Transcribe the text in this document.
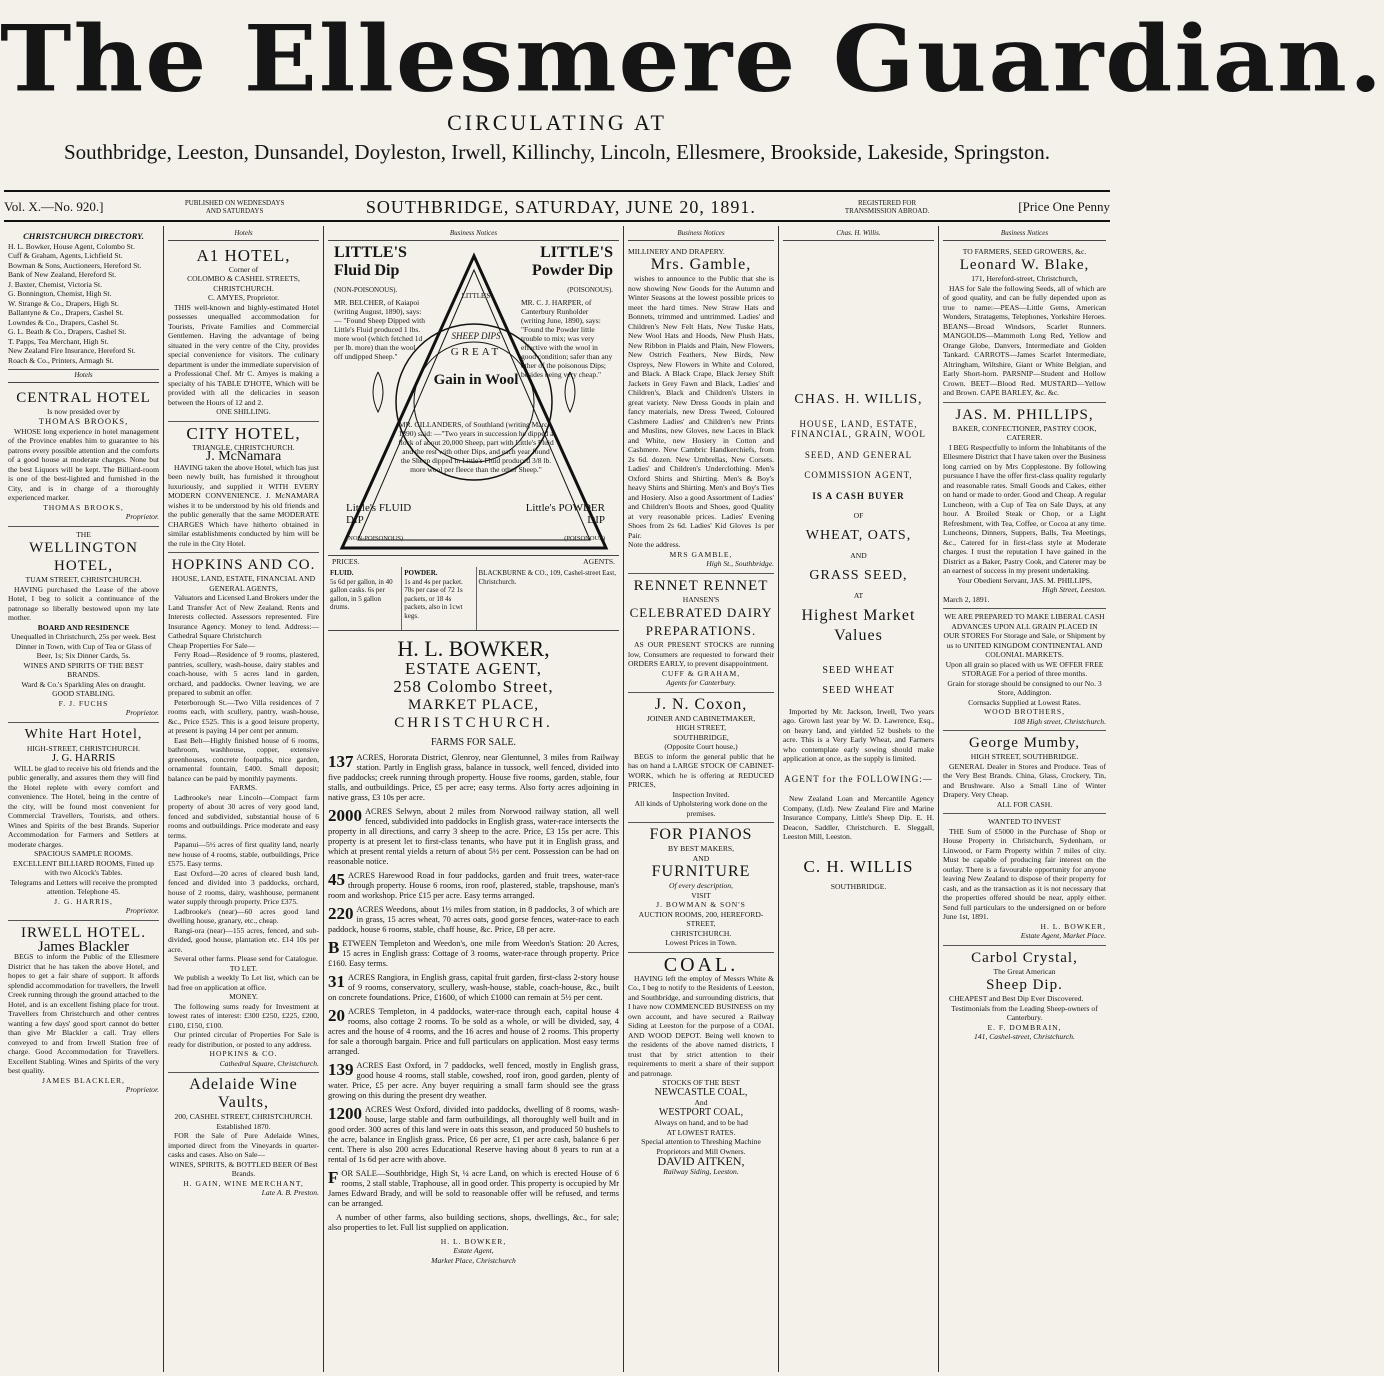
The Ellesmere Guardian.
CIRCULATING AT
Southbridge, Leeston, Dunsandel, Doyleston, Irwell, Killinchy, Lincoln, Ellesmere, Brookside, Lakeside, Springston.
Vol. X.—No. 920.]	PUBLISHED ON WEDNESDAYS AND SATURDAYS	SOUTHBRIDGE, SATURDAY, JUNE 20, 1891.	REGISTERED FOR TRANSMISSION ABROAD.	[Price One Penny
CHRISTCHURCH DIRECTORY.
H. L. Bowker, House Agent, Colombo St.
Cuff & Graham, Agents, Lichfield St.
Bowman & Sons, Auctioneers, Hereford St.
Bank of New Zealand, Hereford St.
J. Baxter, Chemist, Victoria St.
G. Bonnington, Chemist, High St.
W. Strange & Co., Drapers, High St.
Ballantyne & Co., Drapers, Cashel St.
Lowndes & Co., Drapers, Cashel St.
G. L. Beath & Co., Drapers, Cashel St.
T. Papps, Tea Merchant, High St.
New Zealand Fire Insurance, Hereford St.
Roach & Co., Printers, Armagh St.
Hotels
CENTRAL HOTEL
Is now presided over by
THOMAS BROOKS,

WHOSE long experience in hotel management of the Province enables him to guarantee to his patrons every possible attention and the comforts of a good house at moderate charges. None but the best Liquors will be kept. The Billiard-room is one of the best-lighted and furnished in the City, and is in charge of a thoroughly experienced marker.

THOMAS BROOKS,
Proprietor.
THE
WELLINGTON HOTEL,
TUAM STREET, CHRISTCHURCH.

HAVING purchased the Lease of the above Hotel, I beg to solicit a continuance of the patronage so liberally bestowed upon my late mother.

BOARD AND RESIDENCE
Unequalled in Christchurch, 25s per week. Best Dinner in Town, with Cup of Tea or Glass of Beer, 1s; Six Dinner Cards, 5s.
WINES AND SPIRITS OF THE BEST BRANDS.
Ward & Co.'s Sparkling Ales on draught.
GOOD STABLING.
F. J. FUCHS
Proprietor.
White Hart Hotel,
HIGH-STREET, CHRISTCHURCH.
J. G. HARRIS

WILL be glad to receive his old friends and the public generally, and assures them they will find the Hotel replete with every comfort and convenience. The Hotel, being in the centre of the city, will be found most convenient for Commercial Travellers, Tourists, and others. Wines and Spirits of the best Brands. Superior Accommodation for Farmers and Settlers at moderate charges.

SPACIOUS SAMPLE ROOMS.
EXCELLENT BILLIARD ROOMS, Fitted up with two Alcock's Tables.
Telegrams and Letters will receive the prompted attention. Telephone 45.
J. G. HARRIS,
Proprietor.
IRWELL HOTEL.
James Blackler

BEGS to inform the Public of the Ellesmere District that he has taken the above Hotel, and hopes to get a fair share of support. It affords splendid accommodation for travellers, the Irwell Creek running through the ground attached to the Hotel, and is an excellent fishing place for trout. Travellers from Christchurch and other centres wanting a few days' good sport cannot do better than give Mr Blackler a call. Tray ellers conveyed to and from Irwell Station free of charge. Good Accommodation for Travellers. Excellent Stabling. Wines and Spirits of the very best quality.

JAMES BLACKLER,
Proprietor.
Hotels
A1 HOTEL,
Corner of
COLOMBO & CASHEL STREETS, CHRISTCHURCH.
C. AMYES, Proprietor.

THIS well-known and highly-estimated Hotel possesses unequalled accommodation for Tourists, Private Families and Commercial Gentlemen. Having the advantage of being situated in the very centre of the City, provides special convenience for visitors. The culinary department is under the immediate supervision of a Professional Chef. Mr C. Amyes is making a specialty of his TABLE D'HOTE, Which will be provided with all the delicacies in season between the Hours of 12 and 2.

ONE SHILLING.
CITY HOTEL,
TRIANGLE, CHRISTCHURCH.
J. McNamara

HAVING taken the above Hotel, which has just been newly built, has furnished it throughout luxuriously, and supplied it WITH EVERY MODERN CONVENIENCE. J. McNAMARA wishes it to be understood by his old friends and the public generally that the same MODERATE CHARGES Which have hitherto obtained in similar establishments conducted by him will be the rule in the City Hotel.

HOPKINS AND CO.
HOUSE, LAND, ESTATE, FINANCIAL AND GENERAL AGENTS,

Valuators and Licensed Land Brokers under the Land Transfer Act of New Zealand. Rents and Interests collected. Assessors represented. Fire Insurance Agency. Money to lend. Address:—Cathedral Square Christchurch

Cheap Properties For Sale—

Ferry Road—Residence of 9 rooms, plastered, pantries, scullery, wash-house, dairy stables and coach-house, with 5 acres land in garden, orchard, and paddocks. Owner leaving, we are prepared to submit an offer.

Peterborough St.—Two Villa residences of 7 rooms each, with scullery, pantry, wash-house, &c., Price £525. This is a good leisure property, at present is paying 14 per cent per annum.

East Belt—Highly finished house of 6 rooms, bathroom, washhouse, copper, extensive greenhouses, concrete footpaths, nice garden, ornamental fountain, £400. Small deposit; balance can be paid by monthly payments.

FARMS.

Ladbrooke's near Lincoln—Compact farm property of about 30 acres of very good land, fenced and subdivided, substantial house of 6 rooms and outbuildings. Price moderate and easy terms.

Papanui—5½ acres of first quality land, nearly new house of 4 rooms, stable, outbuildings, Price £575. Easy terms.

East Oxford—20 acres of cleared bush land, fenced and divided into 3 paddocks, orchard, house of 2 rooms, dairy, washhouse, permanent water supply through property. Price £375.

Ladbrooke's (near)—60 acres good land dwelling house, granary, etc., cheap.

Rangi-ora (near)—155 acres, fenced, and sub-divided, good house, plantation etc. £14 10s per acre.

Several other farms. Please send for Catalogue.

TO LET.

We publish a weekly To Let list, which can be had free on application at office.

MONEY.

The following sums ready for Investment at lowest rates of interest: £300 £250, £225, £200, £180, £150, £100.

Our printed circular of Properties For Sale is ready for distribution, or posted to any address.

HOPKINS & CO.
Cathedral Square, Christchurch.
Adelaide Wine Vaults,
200, CASHEL STREET, CHRISTCHURCH.
Established 1870.

FOR the Sale of Pure Adelaide Wines, imported direct from the Vineyards in quarter-casks and cases. Also on Sale—

WINES, SPIRITS, & BOTTLED BEER Of Best Brands.
H. GAIN, WINE MERCHANT,
Late A. B. Preston.
Business Notices
LITTLE'S
Fluid Dip
(NON-POISONOUS).
MR. BELCHER, of Kaiapoi (writing August, 1890), says: — "Found Sheep Dipped with Little's Fluid produced 1 lbs. more wool (which fetched 1d per lb. more) than the wool off undipped Sheep."
LITTLE'S
Powder Dip
(POISONOUS).
MR. C. J. HARPER, of Canterbury Runholder (writing June, 1890), says: "Found the Powder little trouble to mix; was very effective with the wool in good condition; safer than any other of the poisonous Dips; besides being very cheap."
LITTLE'S
SHEEP DIPS
GREAT
Gain in Wool
MR. GILLANDERS, of Southland (writing March, 1890) said: —"Two years in succession he dipped a flock of about 20,000 Sheep, part with Little's Fluid and the rest with other Dips, and each year found the Sheep dipped in Little's Fluid produced 3/8 lb. more wool per fleece than the other Sheep."
Little's FLUID DIP
(NON-POISONOUS)
Little's POWDER DIP
(POISONOUS)
PRICES.	AGENTS.
FLUID.
5s 6d per gallon, in 40 gallon casks. 6s per gallon, in 5 gallon drums.
POWDER.
1s and 4s per packet. 70s per case of 72 1s packets, or 18 4s packets, also in 1cwt kegs.
BLACKBURNE & CO., 109, Cashel-street East, Christchurch.
H. L. BOWKER,
ESTATE AGENT,
258 Colombo Street,
MARKET PLACE,
CHRISTCHURCH.
FARMS FOR SALE.

137 ACRES, Hororata District, Glenroy, near Glentunnel, 3 miles from Railway station. Partly in English grass, balance in tussock, well fenced, divided into five paddocks; creek running through property. House five rooms, garden, stable, four stalls, and outbuildings. Price, £5 per acre; easy terms. Also forty acres adjoining in native grass, £3 10s per acre.

2000 ACRES Selwyn, about 2 miles from Norwood railway station, all well fenced, subdivided into paddocks in English grass, water-race intersects the property in all directions, and carry 3 sheep to the acre. Price, £3 15s per acre. This property is at present let to first-class tenants, who have put it in English grass, and which at present rental yields a return of about 5½ per cent. Possession can be had on reasonable notice.

45 ACRES Harewood Road in four paddocks, garden and fruit trees, water-race through property. House 6 rooms, iron roof, plastered, stable, trapshouse, man's room and workshop. Price £15 per acre. Easy terms arranged.

220 ACRES Weedons, about 1½ miles from station, in 8 paddocks, 3 of which are in grass, 15 acres wheat, 70 acres oats, good gorse fences, water-race to each paddock, house 6 rooms, stable, chaff house, &c. Price, £8 per acre.

BETWEEN Templeton and Weedon's, one mile from Weedon's Station: 20 Acres, 15 acres in English grass: Cottage of 3 rooms, water-race through property. Price £160. Easy terms.

31 ACRES Rangiora, in English grass, capital fruit garden, first-class 2-story house of 9 rooms, conservatory, scullery, wash-house, stable, coach-house, &c., built on concrete foundations. Price, £1600, of which £1000 can remain at 5½ per cent.

20 ACRES Templeton, in 4 paddocks, water-race through each, capital house 4 rooms, also cottage 2 rooms. To be sold as a whole, or will be divided, say, 4 acres and the house of 4 rooms, and the 16 acres and house of 2 rooms. This property for sale a thorough bargain. Price and full particulars on application. Most easy terms arranged.

139 ACRES East Oxford, in 7 paddocks, well fenced, mostly in English grass, good house 4 rooms, stall stable, cowshed, roof iron, good garden, plenty of water. Price, £5 per acre. Any buyer requiring a small farm should see the grass growing on this during the present dry weather.

1200 ACRES West Oxford, divided into paddocks, dwelling of 8 rooms, wash-house, large stable and farm outbuildings, all thoroughly well built and in good order. 300 acres of this land were in oats this season, and produced 50 bushels to the acre, balance in English grass. Price, £6 per acre, £1 per acre cash, balance 6 per cent. There is also 200 acres Educational Reserve having about 8 years to run at a rental of 1s 6d per acre with above.

FOR SALE—Southbridge, High St, ¼ acre Land, on which is erected House of 6 rooms, 2 stall stable, Traphouse, all in good order. This property is occupied by Mr James Edward Brady, and will be sold to reasonable offer will be refused, and terms can be arranged.

A number of other farms, also building sections, shops, dwellings, &c., for sale; also properties to let. Full list supplied on application.

H. L. BOWKER,
Estate Agent,
Market Place, Christchurch
Business Notices
MILLINERY AND DRAPERY.
Mrs. Gamble,

wishes to announce to the Public that she is now showing New Goods for the Autumn and Winter Seasons at the lowest possible prices to meet the hard times. New Straw Hats and Bonnets, trimmed and untrimmed. Ladies' and Children's New Felt Hats, New Tuske Hats, New Wool Hats and Hoods, New Plush Hats, New Ribbon in Plaids and Plain, New Flowers, New Ostrich Feathers, New Birds, New Ospreys, New Flowers in White and Colored, and Black. A Black Crape, Black Jersey Shift Jackets in Grey Fawn and Black, Ladies' and Children's, Black and Children's Ulsters in great variety. New Dress Goods in plain and fancy materials, new Dress Tweed, Coloured Cashmere Ladies' and Children's new Prints and Muslins, new Gloves, new Laces in Black and White, new Hosiery in Cotton and Cashmere. New Cambric Handkerchiefs, from 2s 6d. dozen. New Umbrellas, New Corsets. Ladies' and Children's Underclothing. Men's Oxford Shirts and Shirting. Men's & Boy's heavy Shirts and Shirting. Men's and Boy's Ties and Hosiery. Also a good Assortment of Ladies' and Children's Boots and Shoes, good Quality at very reasonable prices. Ladies' Evening Shoes from 2s 6d. Ladies' Kid Gloves 1s per Pair.

Note the address.
MRS GAMBLE,
High St., Southbridge.
RENNET RENNET
HANSEN'S
CELEBRATED DAIRY PREPARATIONS.

AS OUR PRESENT STOCKS are running low, Consumers are requested to forward their ORDERS EARLY, to prevent disappointment.

CUFF & GRAHAM,
Agents for Canterbury.
J. N. Coxon,
JOINER AND CABINETMAKER,
HIGH STREET,
SOUTHBRIDGE,
(Opposite Court house,)

BEGS to inform the general public that he has on hand a LARGE STOCK OF CABINET-WORK, which he is offering at REDUCED PRICES,

Inspection Invited.
All kinds of Upholstering work done on the premises.
FOR PIANOS
BY BEST MAKERS,
AND
FURNITURE
Of every description,
VISIT
J. BOWMAN & SON'S
AUCTION ROOMS, 200, HEREFORD-STREET,
CHRISTCHURCH.
Lowest Prices in Town.
COAL.

HAVING left the employ of Messrs White & Co., I beg to notify to the Residents of Leeston, and Southbridge, and surrounding districts, that I have now COMMENCED BUSINESS on my own account, and have secured a Railway Siding at Leeston for the purpose of a COAL AND WOOD DEPOT. Being well known to the residents of the above named districts, I trust that by strict attention to their requirements to merit a share of their support and patronage.

STOCKS OF THE BEST
NEWCASTLE COAL,
And
WESTPORT COAL,
Always on hand, and to be had
AT LOWEST RATES.
Special attention to Threshing Machine Proprietors and Mill Owners.
DAVID AITKEN,
Railway Siding, Leeston.
Chas. H. Willis.
CHAS. H. WILLIS,
HOUSE, LAND, ESTATE, FINANCIAL, GRAIN, WOOL
SEED, AND GENERAL
COMMISSION AGENT,
IS A CASH BUYER
OF
WHEAT, OATS,
AND
GRASS SEED,
AT
Highest Market
Values
SEED WHEAT
SEED WHEAT

Imported by Mr. Jackson, Irwell, Two years ago. Grown last year by W. D. Lawrence, Esq., on heavy land, and yielded 52 bushels to the acre. This is a Very Early Wheat, and Farmers who contemplate early sowing should make application at once, as the supply is limited.

AGENT for the FOLLOWING:—

New Zealand Loan and Mercantile Agency Company, (Ltd). New Zealand Fire and Marine Insurance Company, Little's Sheep Dip. E. H. Deacon, Saddler, Christchurch. E. Sleggall, Leeston Mill, Leeston.

C. H. WILLIS
SOUTHBRIDGE.
Business Notices
TO FARMERS, SEED GROWERS, &c.
Leonard W. Blake,
171, Hereford-street, Christchurch,

HAS for Sale the following Seeds, all of which are of good quality, and can be fully depended upon as true to name:—PEAS—Little Gems, American Wonders, Stratagems, Telephones, Yorkshire Heroes. BEANS—Broad Windsors, Scarlet Runners. MANGOLDS—Mammoth Long Red, Yellow and Orange Globe, Danvers, Intermediate and Golden Tankard. CARROTS—James Scarlet Intermediate, Altringham, Wiltshire, Giant or White Belgian, and Early Short-horn. PARSNIP—Student and Hollow Crown. BEET—Blood Red. MUSTARD—Yellow and Brown. CAPE BARLEY, &c. &c.

JAS. M. PHILLIPS,
BAKER, CONFECTIONER, PASTRY COOK, CATERER.

I BEG Respectfully to inform the Inhabitants of the Ellesmere District that I have taken over the Business long carried on by Mrs Copplestone. By following pursuance I have the offer first-class quality regularly and reasonable rates. Small Goods and Cakes, either on hand or made to order. Good and Cheap. A regular Luncheon, with a Cup of Tea on Sale Days, at any hour. A Broiled Steak or Chop, or a Light Refreshment, with Tea, Coffee, or Cocoa at any time. Luncheons, Dinners, Suppers, Balls, Tea Meetings, &c., Catered for in first-class style at Moderate charges. I trust the reputation I have gained in the District as a Baker, Pastry Cook, and Caterer may be an earnest of success in my present undertaking.

Your Obedient Servant, JAS. M. PHILLIPS,
High Street, Leeston.
March 2, 1891.
WE ARE PREPARED TO MAKE LIBERAL CASH ADVANCES UPON ALL GRAIN PLACED IN OUR STORES For Storage and Sale, or Shipment by us to UNITED KINGDOM CONTINENTAL AND COLONIAL MARKETS.
Upon all grain so placed with us WE OFFER FREE STORAGE For a period of three months.
Grain for storage should be consigned to our No. 3 Store, Addington.
Cornsacks Supplied at Lowest Rates.
WOOD BROTHERS,
108 High street, Christchurch.
George Mumby,
HIGH STREET, SOUTHBRIDGE.

GENERAL Dealer in Stores and Produce. Teas of the Very Best Brands. China, Glass, Crockery, Tin, and Brushware. Also a Small Line of Winter Drapery. Very Cheap.

ALL FOR CASH.
WANTED TO INVEST

THE Sum of £5000 in the Purchase of Shop or House Property in Christchurch, Sydenham, or Linwood, or Farm Property within 7 miles of city. Must be capable of producing fair interest on the outlay. There is a favourable opportunity for anyone leaving New Zealand to dispose of their property for cash, and as the transaction as it is not necessary that the properties offered should be near, apply either. Send full particulars to the undersigned on or before June 1st, 1891.

H. L. BOWKER,
Estate Agent, Market Place.
Carbol Crystal,
The Great American
Sheep Dip.

CHEAPEST and Best Dip Ever Discovered.

Testimonials from the Leading Sheep-owners of Canterbury.
E. F. DOMBRAIN,
141, Cashel-street, Christchurch.
